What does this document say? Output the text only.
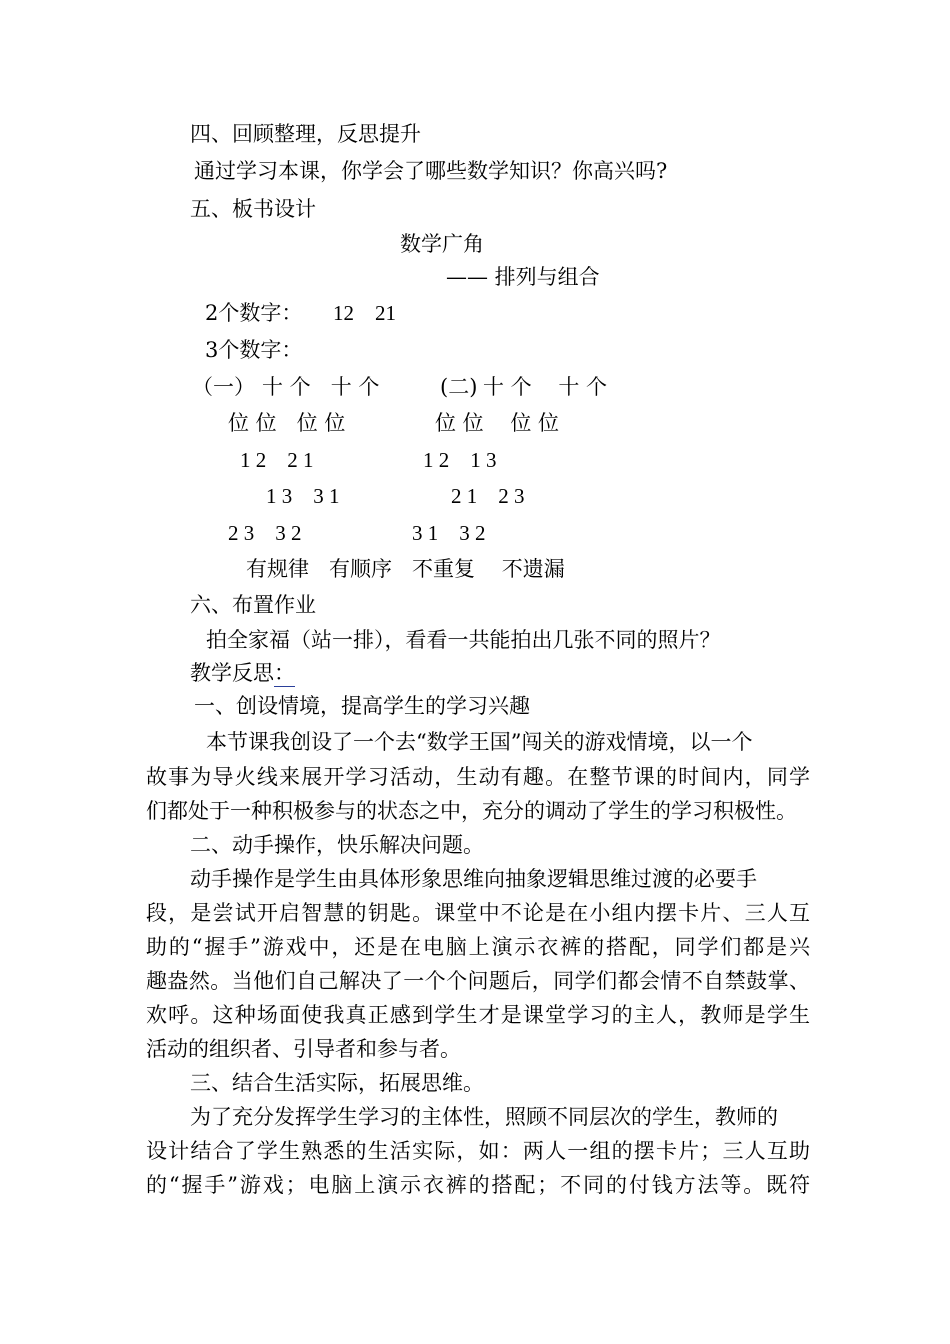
四、回顾整理，反思提升

通过学习本课，你学会了哪些数学知识？你高兴吗?

五、板书设计

数学广角

—— 排列与组合

2个数字： 12    21

3个数字：

（一） 十 个   十 个

位 位   位 位

1 2    2 1

1 3    3 1

2 3    3 2

(二) 十 个    十 个

位 位    位 位

1 2    1 3

2 1    2 3

3 1    3 2

有规律   有顺序   不重复    不遗漏

六、布置作业

拍全家福（站一排），看看一共能拍出几张不同的照片？

教学反思：

一、创设情境，提高学生的学习兴趣

本节课我创设了一个去“数学王国”闯关的游戏情境，以一个

故事为导火线来展开学习活动，生动有趣。在整节课的时间内，同学

们都处于一种积极参与的状态之中，充分的调动了学生的学习积极性。

二、动手操作，快乐解决问题。

动手操作是学生由具体形象思维向抽象逻辑思维过渡的必要手

段，是尝试开启智慧的钥匙。课堂中不论是在小组内摆卡片、三人互

助的“握手”游戏中，还是在电脑上演示衣裤的搭配，同学们都是兴

趣盎然。当他们自己解决了一个个问题后，同学们都会情不自禁鼓掌、

欢呼。这种场面使我真正感到学生才是课堂学习的主人，教师是学生

活动的组织者、引导者和参与者。

三、结合生活实际，拓展思维。

为了充分发挥学生学习的主体性，照顾不同层次的学生，教师的

设计结合了学生熟悉的生活实际，如：两人一组的摆卡片；三人互助

的“握手”游戏；电脑上演示衣裤的搭配；不同的付钱方法等。既符
